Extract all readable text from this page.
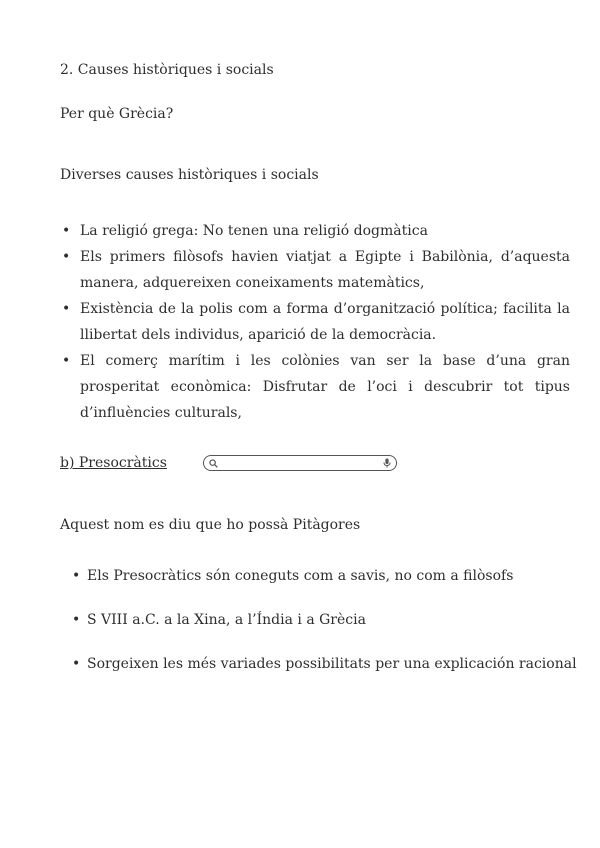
2. Causes històriques i socials
Per què Grècia?
Diverses causes històriques i socials
• La religió grega: No tenen una religió dogmàtica
• Els primers filòsofs havien viatjat a Egipte i Babilònia, d’aquesta manera, adquereixen coneixaments matemàtics,
• Existència de la polis com a forma d’organització política; facilita la llibertat dels individus, aparició de la democràcia.
• El comerç marítim i les colònies van ser la base d’una gran prosperitat econòmica: Disfrutar de l’oci i descubrir tot tipus d’influències culturals,
b) Presocràtics
Aquest nom es diu que ho possà Pitàgores
• Els Presocràtics són coneguts com a savis, no com a filòsofs
• S VIII a.C. a la Xina, a l’Índia i a Grècia
• Sorgeixen les més variades possibilitats per una explicación racional
